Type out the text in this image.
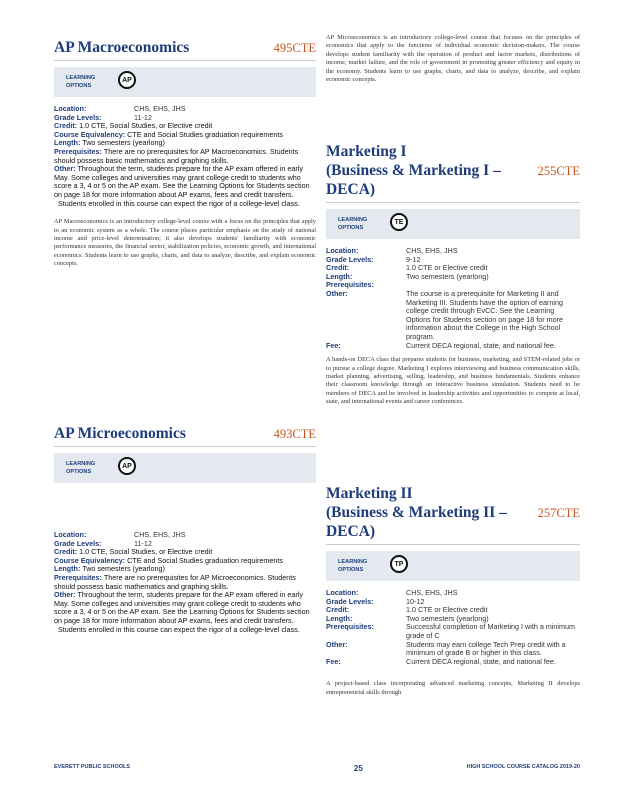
AP Macroeconomics	495CTE
LEARNING OPTIONS
AP
Location:	CHS, EHS, JHS
Grade Levels:	11-12
Credit: 1.0 CTE, Social Studies, or Elective credit
Course Equivalency: CTE and Social Studies graduation requirements
Length: Two semesters (yearlong)
Prerequisites: There are no prerequisites for AP Macroeconomics. Students should possess basic mathematics and graphing skills.
Other: Throughout the term, students prepare for the AP exam offered in early May. Some colleges and universities may grant college credit to students who score a 3, 4 or 5 on the AP exam. See the Learning Options for Students section on page 18 for more information about AP exams, fees and credit transfers.
Students enrolled in this course can expect the rigor of a college-level class.
AP Macroeconomics is an introductory college-level course with a focus on the principles that apply to an economic system as a whole. The course places particular emphasis on the study of national income and price-level determination; it also develops students' familiarity with economic performance measures, the financial sector, stabilization policies, economic growth, and international economics. Students learn to use graphs, charts, and data to analyze, describe, and explain economic concepts.
AP Microeconomics	493CTE
LEARNING OPTIONS
AP
Location:	CHS, EHS, JHS
Grade Levels:	11-12
Credit: 1.0 CTE, Social Studies, or Elective credit
Course Equivalency: CTE and Social Studies graduation requirements
Length: Two semesters (yearlong)
Prerequisites: There are no prerequisites for AP Microeconomics. Students should possess basic mathematics and graphing skills.
Other: Throughout the term, students prepare for the AP exam offered in early May. Some colleges and universities may grant college credit to students who score a 3, 4 or 5 on the AP exam. See the Learning Options for Students section on page 18 for more information about AP exams, fees and credit transfers.
Students enrolled in this course can expect the rigor of a college-level class.
AP Microeconomics is an introductory college-level course that focuses on the principles of economics that apply to the functions of individual economic decision-makers. The course develops student familiarity with the operation of product and factor markets, distributions of income, market failure, and the role of government in promoting greater efficiency and equity in the economy. Students learn to use graphs, charts, and data to analyze, describe, and explain economic concepts.
Marketing I
(Business & Marketing I – DECA)
255CTE
LEARNING OPTIONS
TE
Location:	CHS, EHS, JHS
Grade Levels:	9-12
Credit:	1.0 CTE or Elective credit
Length:	Two semesters (yearlong)
Prerequisites:
Other:	The course is a prerequisite for Marketing II and Marketing III. Students have the option of earning college credit through EvCC. See the Learning Options for Students section on page 18 for more information about the College in the High School program.
Fee:	Current DECA regional, state, and national fee.
A hands-on DECA class that prepares students for business, marketing, and STEM-related jobs or to pursue a college degree. Marketing I explores interviewing and business communication skills, market planning, advertising, selling, leadership, and business fundamentals. Students enhance their classroom knowledge through an interactive business simulation. Students need to be members of DECA and be involved in leadership activities and opportunities to compete at local, state, and international events and career conferences.
Marketing II
(Business & Marketing II – DECA)
257CTE
LEARNING OPTIONS
TP
Location:	CHS, EHS, JHS
Grade Levels:	10-12
Credit:	1.0 CTE or Elective credit
Length:	Two semesters (yearlong)
Prerequisites:	Successful completion of Marketing I with a minimum grade of C
Other:	Students may earn college Tech Prep credit with a minimum of grade B or higher in this class.
Fee:	Current DECA regional, state, and national fee.
A project-based class incorporating advanced marketing concepts, Marketing II develops entrepreneurial skills through
EVERETT PUBLIC SCHOOLS	25	HIGH SCHOOL COURSE CATALOG 2019-20
